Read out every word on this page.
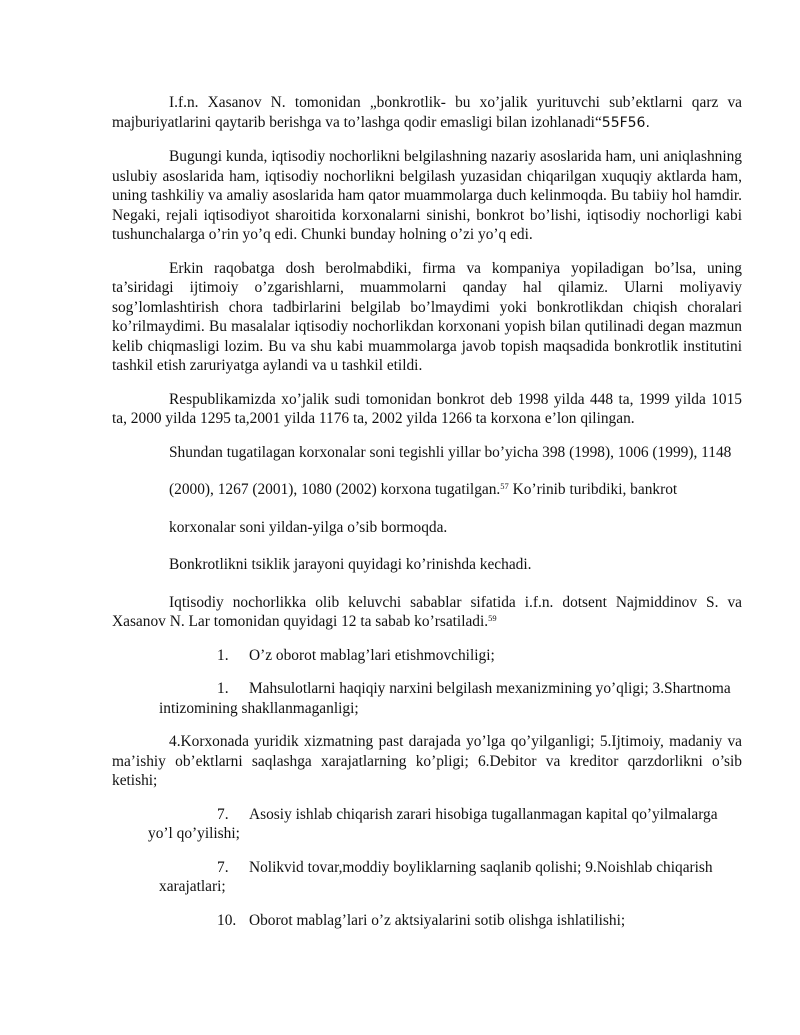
I.f.n. Xasanov N. tomonidan „bonkrotlik- bu xo’jalik yurituvchi sub’ektlarni qarz va majburiyatlarini qaytarib berishga va to’lashga qodir emasligi bilan izohlanadi“55F56.

Bugungi kunda, iqtisodiy nochorlikni belgilashning nazariy asoslarida ham, uni aniqlashning uslubiy asoslarida ham, iqtisodiy nochorlikni belgilash yuzasidan chiqarilgan xuquqiy aktlarda ham, uning tashkiliy va amaliy asoslarida ham qator muammolarga duch kelinmoqda. Bu tabiiy hol hamdir. Negaki, rejali iqtisodiyot sharoitida korxonalarni sinishi, bonkrot bo’lishi, iqtisodiy nochorligi kabi tushunchalarga o’rin yo’q edi. Chunki bunday holning o’zi yo’q edi.

Erkin raqobatga dosh berolmabdiki, firma va kompaniya yopiladigan bo’lsa, uning ta’siridagi ijtimoiy o’zgarishlarni, muammolarni qanday hal qilamiz. Ularni moliyaviy sog’lomlashtirish chora tadbirlarini belgilab bo’lmaydimi yoki bonkrotlikdan chiqish choralari ko’rilmaydimi. Bu masalalar iqtisodiy nochorlikdan korxonani yopish bilan qutilinadi degan mazmun kelib chiqmasligi lozim. Bu va shu kabi muammolarga javob topish maqsadida bonkrotlik institutini tashkil etish zaruriyatga aylandi va u tashkil etildi.

Respublikamizda xo’jalik sudi tomonidan bonkrot deb 1998 yilda 448 ta, 1999 yilda 1015 ta, 2000 yilda 1295 ta,2001 yilda 1176 ta, 2002 yilda 1266 ta korxona e’lon qilingan.

Shundan tugatilagan korxonalar soni tegishli yillar bo’yicha 398 (1998), 1006 (1999), 1148

(2000), 1267 (2001), 1080 (2002) korxona tugatilgan.$^{57}$ Ko’rinib turibdiki, bankrot

korxonalar soni yildan-yilga o’sib bormoqda.

Bonkrotlikni tsiklik jarayoni quyidagi ko’rinishda kechadi.

Iqtisodiy nochorlikka olib keluvchi sabablar sifatida i.f.n. dotsent Najmiddinov S. va Xasanov N. Lar tomonidan quyidagi 12 ta sabab ko’rsatiladi.$^{59}$

1.	O’z oborot mablag’lari etishmovchiligi;
1.	Mahsulotlarni haqiqiy narxini belgilash mexanizmining yo’qligi; 3.Shartnoma intizomining shakllanmaganligi;

4.Korxonada yuridik xizmatning past darajada yo’lga qo’yilganligi; 5.Ijtimoiy, madaniy va ma’ishiy ob’ektlarni saqlashga xarajatlarning ko’pligi; 6.Debitor va kreditor qarzdorlikni o’sib ketishi;

7.	Asosiy ishlab chiqarish zarari hisobiga tugallanmagan kapital qo’yilmalarga yo’l qo’yilishi;
7.	Nolikvid tovar,moddiy boyliklarning saqlanib qolishi; 9.Noishlab chiqarish xarajatlari;
10. Oborot mablag’lari o’z aktsiyalarini sotib olishga ishlatilishi;
